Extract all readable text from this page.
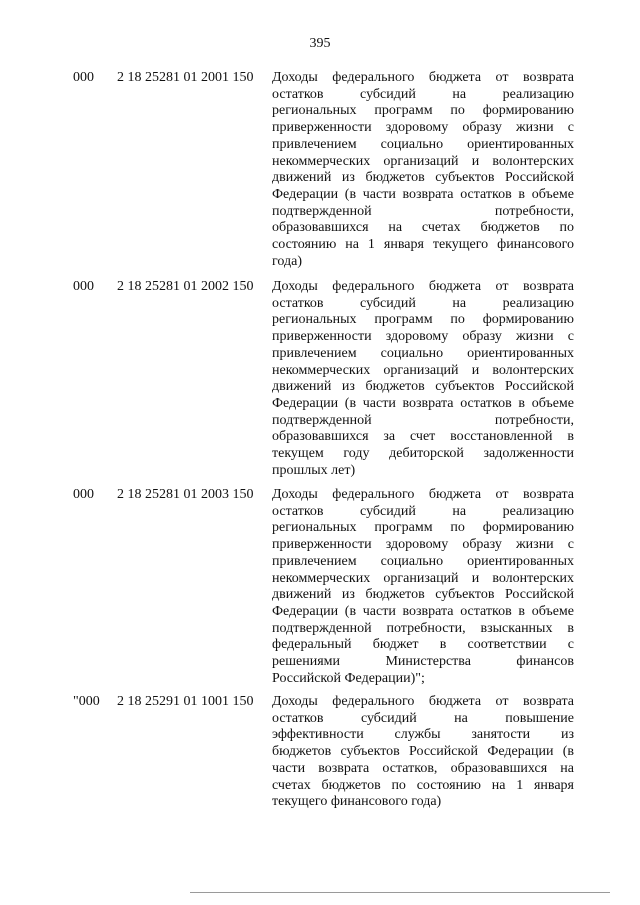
395
000 2 18 25281 01 2001 150 Доходы федерального бюджета от возврата
остатков субсидий на реализацию
региональных программ по формированию
приверженности здоровому образу жизни с
привлечением социально ориентированных
некоммерческих организаций и волонтерских
движений из бюджетов субъектов Российской
Федерации (в части возврата остатков в объеме
подтвержденной потребности,
образовавшихся на счетах бюджетов по
состоянию на 1 января текущего финансового
года)
000 2 18 25281 01 2002 150 Доходы федерального бюджета от возврата
остатков субсидий на реализацию
региональных программ по формированию
приверженности здоровому образу жизни с
привлечением социально ориентированных
некоммерческих организаций и волонтерских
движений из бюджетов субъектов Российской
Федерации (в части возврата остатков в объеме
подтвержденной потребности,
образовавшихся за счет восстановленной в
текущем году дебиторской задолженности
прошлых лет)
000 2 18 25281 01 2003 150 Доходы федерального бюджета от возврата
остатков субсидий на реализацию
региональных программ по формированию
приверженности здоровому образу жизни с
привлечением социально ориентированных
некоммерческих организаций и волонтерских
движений из бюджетов субъектов Российской
Федерации (в части возврата остатков в объеме
подтвержденной потребности, взысканных в
федеральный бюджет в соответствии с
решениями Министерства финансов
Российской Федерации)";
"000 2 18 25291 01 1001 150 Доходы федерального бюджета от возврата
остатков субсидий на повышение
эффективности службы занятости из
бюджетов субъектов Российской Федерации (в
части возврата остатков, образовавшихся на
счетах бюджетов по состоянию на 1 января
текущего финансового года)
